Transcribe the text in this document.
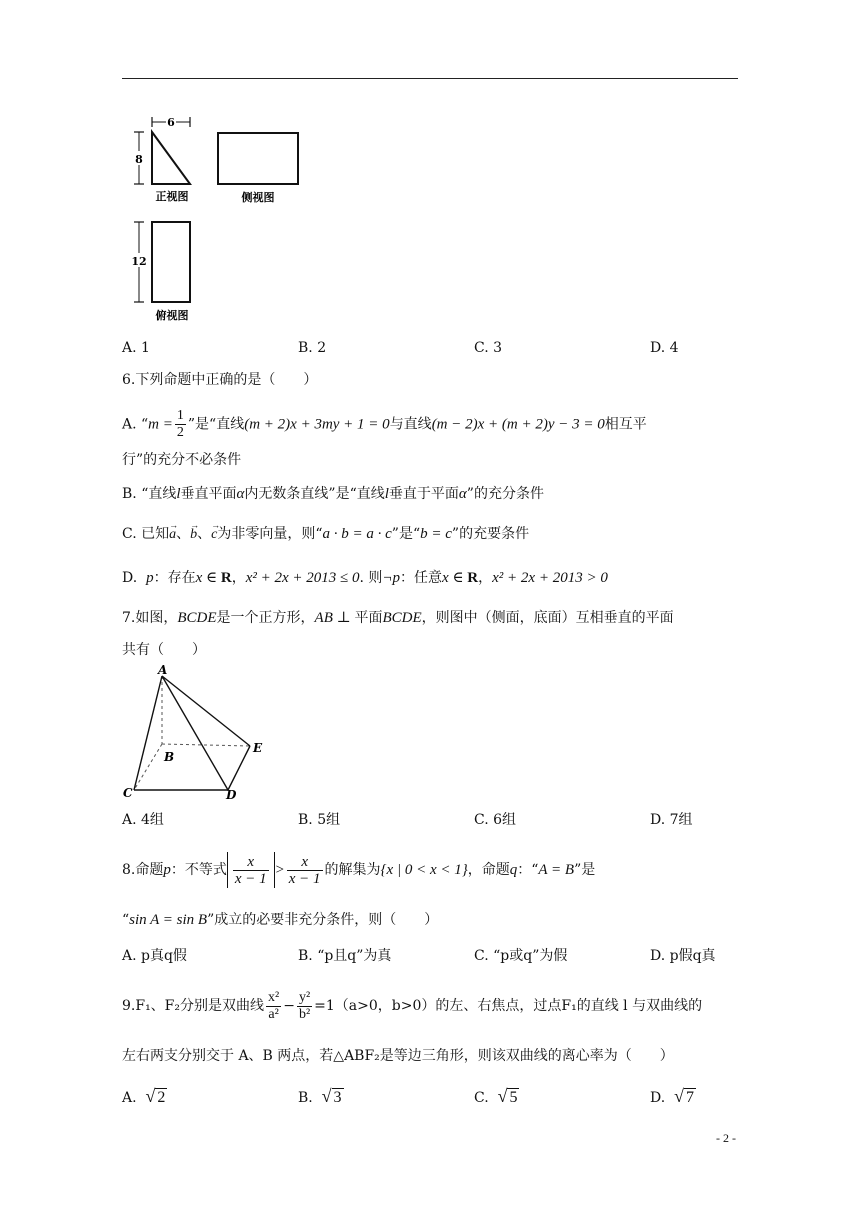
6
8
正视图	侧视图
12
俯视图
A. 1	B. 2	C. 3	D. 4
6.下列命题中正确的是（　　）
A. “$m = \frac{1}{2}$ ”是“直线(m + 2)x + 3my + 1 = 0与直线(m − 2)x + (m + 2)y − 3 = 0相互平
行”的充分不必条件
B. “直线l垂直平面α内无数条直线”是“直线l垂直于平面α”的充分条件
C. 已知→ a、→ b、→ c为非零向量，则“a · b = a · c”是“b = c”的充要条件
D. p：存在x ∈ R，x² + 2x + 2013 ≤ 0. 则¬p：任意x ∈ R，x² + 2x + 2013 > 0
7.如图，BCDE是一个正方形，AB ⊥ 平面BCDE，则图中（侧面，底面）互相垂直的平面
共有（　　）
A
B
C	D
E
A. 4组	B. 5组	C. 6组	D. 7组
8.命题p：不等式 $\frac{x}{x - 1} > \frac{x}{x - 1}$ 的解集为{x | 0 < x < 1}，命题q：“A = B”是
“sin A = sin B”成立的必要非充分条件，则（　　）
A. p真q假	B. “p且q”为真	C. “p或q”为假	D. p假q真
9.F₁、F₂分别是双曲线 $\frac{\text{x²}}{\text{a²}} - \frac{\text{y²}}{\text{b²}} =1(a>0$，b>0）的左、右焦点，过点F₁的直线 l 与双曲线的
左右两支分别交于 A、B 两点，若△ABF₂是等边三角形，则该双曲线的离心率为（　　）
A. √ 2	B. √ 3	C. √ 5	D. √ 7
- 2 -
